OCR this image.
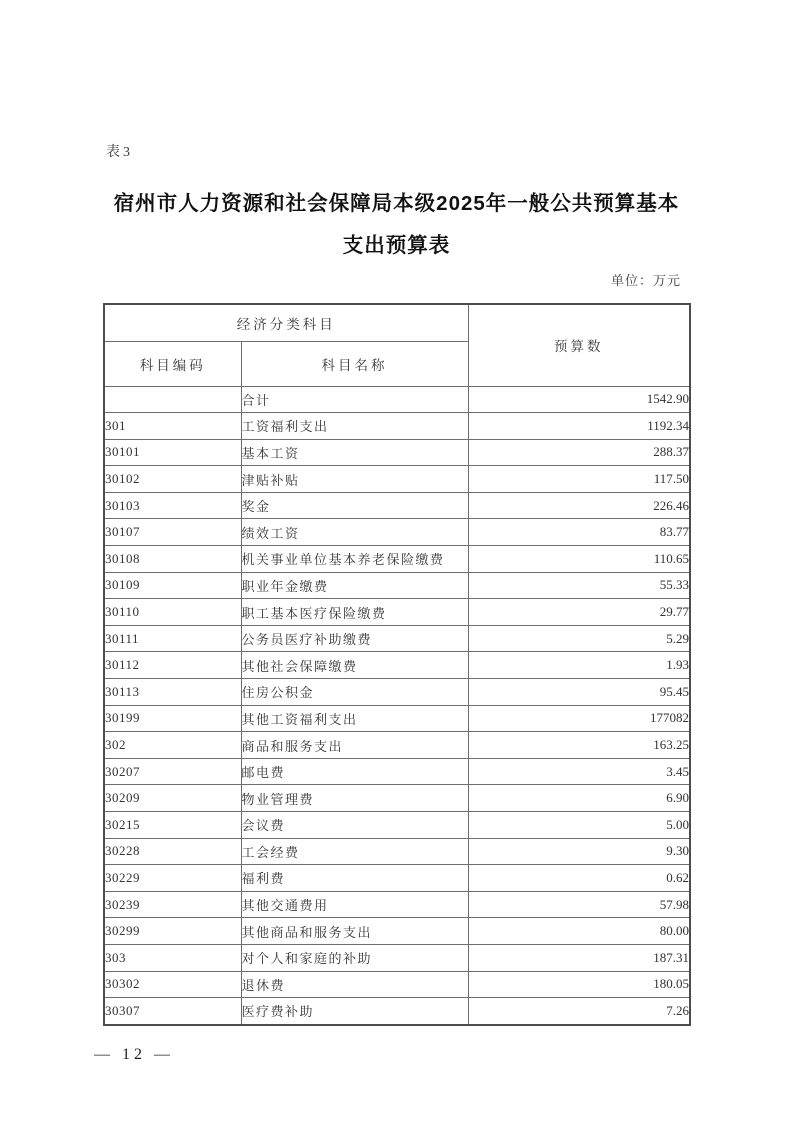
表3
宿州市人力资源和社会保障局本级2025年一般公共预算基本
支出预算表
单位：万元
经济分类科目		预算数
科目编码	科目名称	
	合计	1542.90
301	工资福利支出	1192.34
30101	基本工资	288.37
30102	津贴补贴	117.50
30103	奖金	226.46
30107	绩效工资	83.77
30108	机关事业单位基本养老保险缴费	110.65
30109	职业年金缴费	55.33
30110	职工基本医疗保险缴费	29.77
30111	公务员医疗补助缴费	5.29
30112	其他社会保障缴费	1.93
30113	住房公积金	95.45
30199	其他工资福利支出	177082
302	商品和服务支出	163.25
30207	邮电费	3.45
30209	物业管理费	6.90
30215	会议费	5.00
30228	工会经费	9.30
30229	福利费	0.62
30239	其他交通费用	57.98
30299	其他商品和服务支出	80.00
303	对个人和家庭的补助	187.31
30302	退休费	180.05
30307	医疗费补助	7.26
— 12 —
